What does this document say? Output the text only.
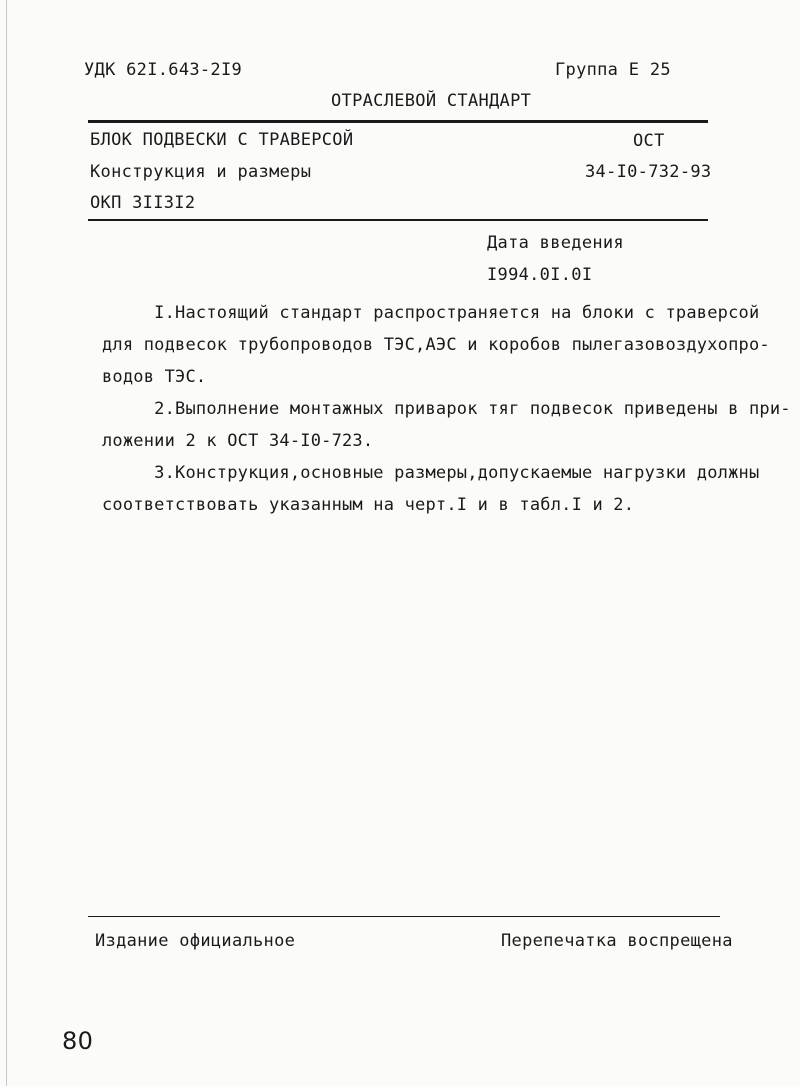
УДК 62I.643-2I9	Группа Е 25
ОТРАСЛЕВОЙ СТАНДАРТ
БЛОК ПОДВЕСКИ С ТРАВЕРСОЙ	ОСТ
Конструкция и размеры	34-I0-732-93
ОКП 3II3I2
Дата введения
I994.0I.0I

I.Настоящий стандарт распространяется на блоки с траверсой

для подвесок трубопроводов ТЭС,АЭС и коробов пылегазовоздухопро-

водов ТЭС.

2.Выполнение монтажных приварок тяг подвесок приведены в при-

ложении 2 к ОСТ 34-I0-723.

3.Конструкция,основные размеры,допускаемые нагрузки должны

соответствовать указанным на черт.I и в табл.I и 2.

Издание официальное	Перепечатка воспрещена
80
